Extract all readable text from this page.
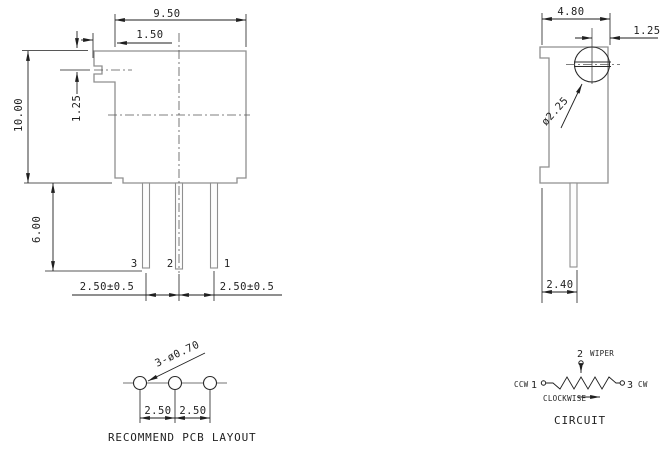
9.50
1.50
1.25
10.00
6.00
3	2	1
2.50±0.5	2.50±0.5
4.80
1.25
ø2.25
2.40
3-ø0.70
2.50 2.50
RECOMMEND PCB LAYOUT
2 WIPER
CCW 1	3 CW
CLOCKWISE
CIRCUIT
